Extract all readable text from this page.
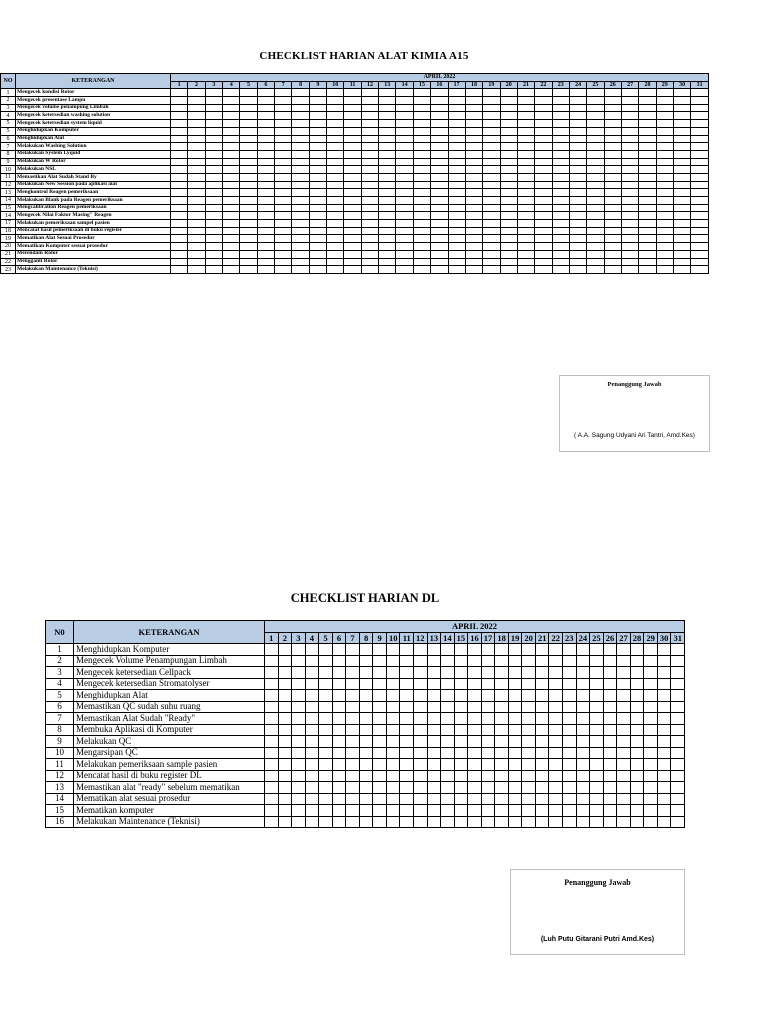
CHECKLIST HARIAN ALAT KIMIA A15
NO	KETERANGAN	APRIL 2022																														
		1	2	3	4	5	6	7	8	9	10	11	12	13	14	15	16	17	18	19	20	21	22	23	24	25	26	27	28	29	30	31
1	Mengecek kondisi Rotor																															
2	Mengecek presentase Lampu																															
3	Mengecek volume penampung Limbah																															
4	Mengecek ketersedian washing solution																															
5	Mengecek ketersedian system liquid																															
5	Menghidupkan Komputer																															
6	Menghidupkan Alat																															
7	Melakukan Washing Solution																															
8	Melakukan System Lyquid																															
9	Melakukan W Rotor																															
10	Melakukan NSL																															
11	Memastikan Alat Sudah Stand By																															
12	Melakukan New Session pada aplikasi alat																															
13	Mengkontrol Reagen pemeriksaan																															
14	Melakukan Blank pada Reagen pemeriksaan																															
15	Mengcalibration Reagen pemeriksaan																															
14	Mengecek Nilai Faktor Masing" Reagen																															
17	Melakukan pemeriksaan sampel pasien																															
18	Mencatat hasil pemeriksaan di buku register																															
19	Mematikan Alat Sesuai Prosedur																															
20	Mematikan Komputer sesuai prosedur																															
21	Merendam Rotor																															
22	Mengganti Rotor																															
23	Melakukan Maintenance (Teknisi)																															
Penanggung Jawab
( A.A. Sagung Udyani Ari Tantri, Amd.Kes)
CHECKLIST HARIAN DL
N0	KETERANGAN	APRIL 2022																														
		1	2	3	4	5	6	7	8	9	10	11	12	13	14	15	16	17	18	19	20	21	22	23	24	25	26	27	28	29	30	31
1	Menghidupkan Komputer																															
2	Mengecek Volume Penampungan Limbah																															
3	Mengecek ketersedian Cellpack																															
4	Mengecek ketersedian Stromatolyser																															
5	Menghidupkan Alat																															
6	Memastikan QC sudah suhu ruang																															
7	Memastikan Alat Sudah "Ready"																															
8	Membuka Aplikasi di Komputer																															
9	Melakukan QC																															
10	Mengarsipan QC																															
11	Melakukan pemeriksaan sample pasien																															
12	Mencatat hasil di buku register DL																															
13	Memastikan alat "ready" sebelum mematikan																															
14	Mematikan alat sesuai prosedur																															
15	Mematikan komputer																															
16	Melakukan Maintenance (Teknisi)																															
Penanggung Jawab
(Luh Putu Gitarani Putri Amd.Kes)
